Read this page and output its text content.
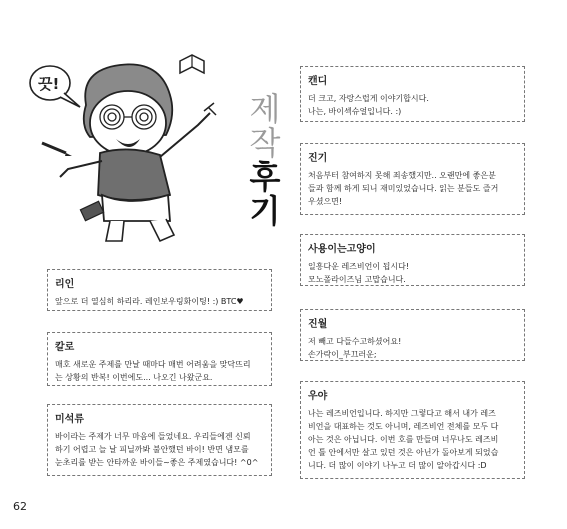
끗!
제
작
후
기
캔디
더 크고, 자랑스럽게 이야기합시다.
나는, 바이섹슈얼입니다. :)
진기
처음부터 참여하지 못해 죄송했지만.. 오랜만에 좋은분
들과 함께 하게 되니 재미있었습니다. 읽는 분들도 즐거
우셨으면!
사용이는고양이
일흥다운 레즈비언이 됩시다!
모노폴라이즈님 고맙습니다.
진월
저 빼고 다들수고하셨어요!
손가락이_부끄러운;
우야
나는 레즈비언입니다. 하지만 그렇다고 해서 내가 레즈
비언을 대표하는 것도 아니며, 레즈비언 전체를 모두 다
아는 것은 아닙니다. 이번 호를 만들며 너무나도 레즈비
언 틀 안에서만 살고 있던 것은 아닌가 돌아보게 되었습
니다. 더 많이 이야기 나누고 더 많이 알아갑시다 :D
리인
앞으로 더 열심히 하리라. 레인보우링화이팅! :) BTC♥
칼로
매호 새로운 주제를 만날 때마다 매번 어려움을 맞닥뜨리
는 상황의 반복! 이번에도... 나오긴 나왔군요.
미석류
바이라는 주제가 너무 마음에 들었네요. 우리들에겐 신뢰
하기 어렵고 늘 날 피닐까봐 불안했던 바이! 반면 냄모를
눈초리를 받는 안타까운 바이들~좋은 주제였습니다! ^0^
62
